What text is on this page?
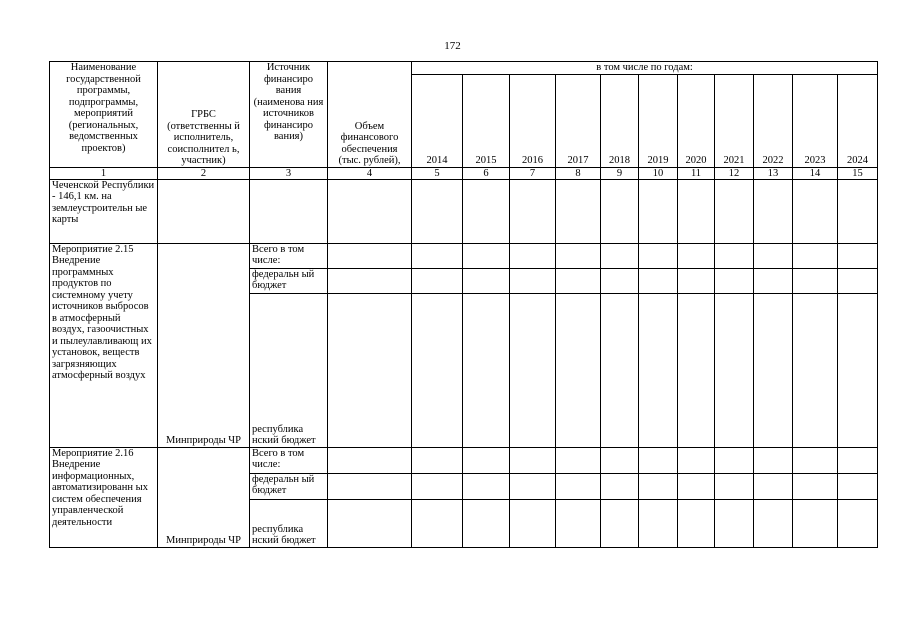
172
Наименование государственной программы, подпрограммы, мероприятий (региональных, ведомственных проектов)	ГРБС (ответственны й исполнитель, соисполнител ь, участник)	Источник финансиро вания (наименова ния источников финансиро вания)	Объем финансового обеспечения (тыс. рублей),	в том числе по годам:										
				2014	2015	2016	2017	2018	2019	2020	2021	2022	2023	2024
1	2	3	4	5	6	7	8	9	10	11	12	13	14	15
Чеченской Республики - 146,1 км. на землеустроительн ые карты														
Мероприятие 2.15 Внедрение программных продуктов по системному учету источников выбросов в атмосферный воздух, газоочистных и пылеулавливающ их установок, веществ загрязняющих атмосферный воздух	Минприроды ЧР	Всего в том числе:												
		федеральн ый бюджет												
		республика нский бюджет												
Мероприятие 2.16 Внедрение информационных, автоматизированн ых систем обеспечения управленческой деятельности	Минприроды ЧР	Всего в том числе:												
		федеральн ый бюджет												
		республика нский бюджет												
